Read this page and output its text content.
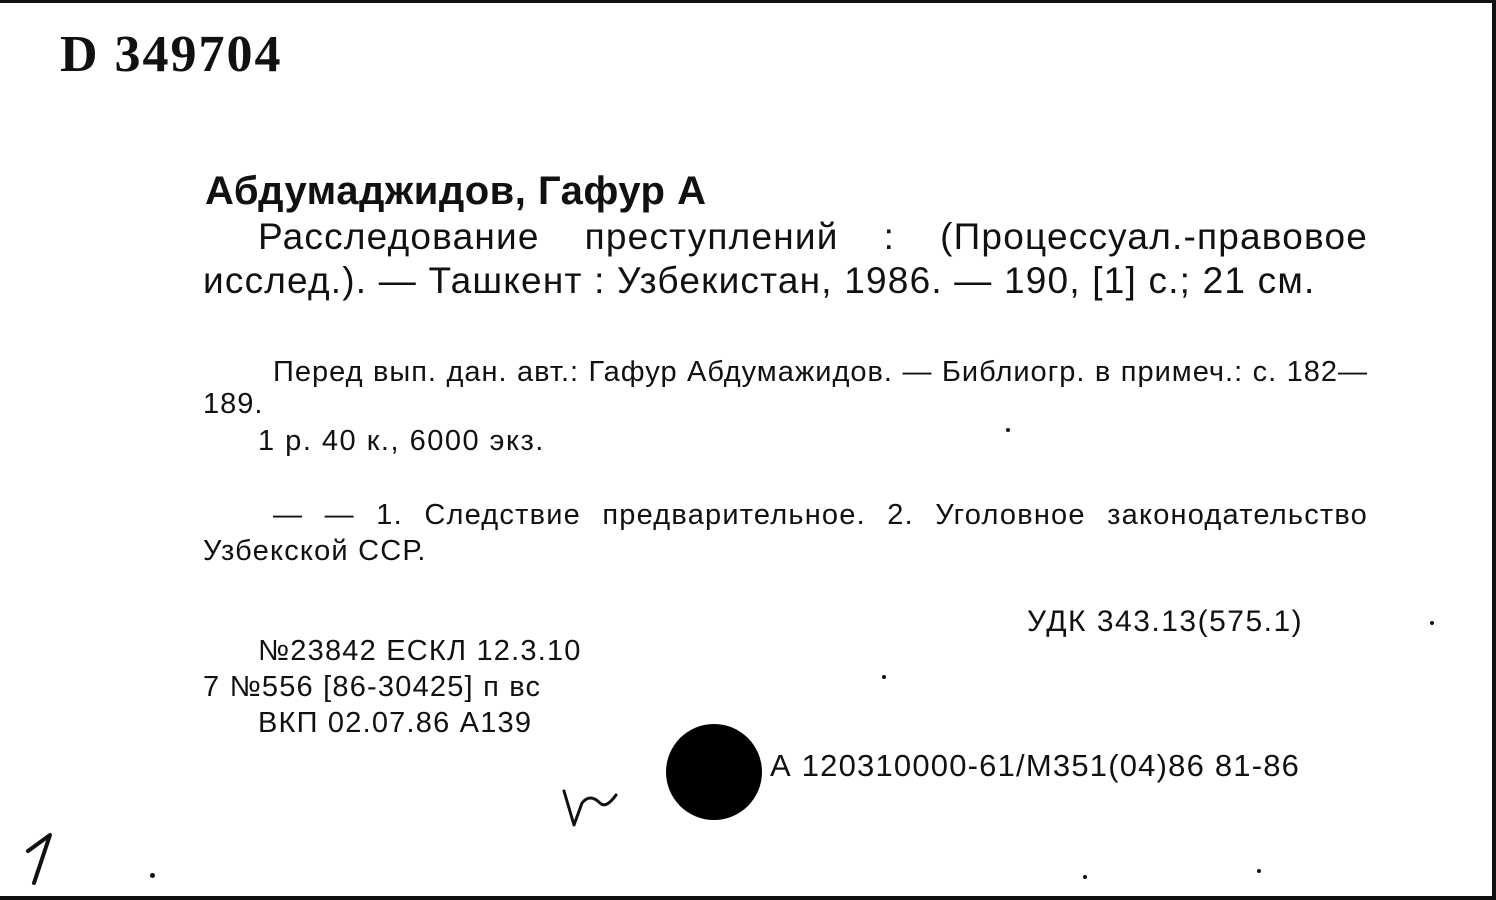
D 349704
Абдумаджидов, Гафур А
Расследование преступлений : (Процессуал.-правовое исслед.). — Ташкент : Узбекистан, 1986. — 190, [1] с.; 21 см.
Перед вып. дан. авт.: Гафур Абдумажидов. — Библиогр. в примеч.: с. 182—189.
1 р. 40 к., 6000 экз.
— — 1. Следствие предварительное. 2. Уголовное законодательство Узбекской ССР.
УДК 343.13(575.1)
№23842 ЕСКЛ 12.3.10
7 №556 [86-30425] п вс
ВКП 02.07.86 А139
А 120310000-61/М351(04)86 81-86
